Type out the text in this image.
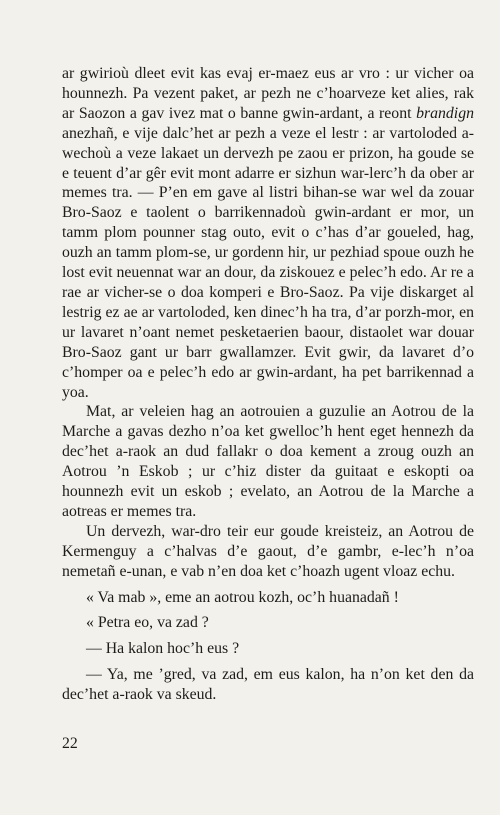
ar gwirioù dleet evit kas evaj er-maez eus ar vro : ur vicher oa hounnezh. Pa vezent paket, ar pezh ne c’hoarveze ket alies, rak ar Saozon a gav ivez mat o banne gwin-ardant, a reont brandign anezhañ, e vije dalc’het ar pezh a veze el lestr : ar vartoloded a-wechoù a veze lakaet un dervezh pe zaou er prizon, ha goude se e teuent d’ar gêr evit mont adarre er sizhun war-lerc’h da ober ar memes tra. — P’en em gave al listri bihan-se war wel da zouar Bro-Saoz e taolent o barrikennadoù gwin-ardant er mor, un tamm plom pounner stag outo, evit o c’has d’ar goueled, hag, ouzh an tamm plom-se, ur gordenn hir, ur pezhiad spoue ouzh he lost evit neuennat war an dour, da ziskouez e pelec’h edo. Ar re a rae ar vicher-se o doa komperi e Bro-Saoz. Pa vije diskarget al lestrig ez ae ar vartoloded, ken dinec’h ha tra, d’ar porzh-mor, en ur lavaret n’oant nemet pesketaerien baour, distaolet war douar Bro-Saoz gant ur barr gwallamzer. Evit gwir, da lavaret d’o c’homper oa e pelec’h edo ar gwin-ardant, ha pet barrikennad a yoa.

Mat, ar veleien hag an aotrouien a guzulie an Aotrou de la Marche a gavas dezho n’oa ket gwelloc’h hent eget hennezh da dec’het a-raok an dud fallakr o doa kement a zroug ouzh an Aotrou ’n Eskob ; ur c’hiz dister da guitaat e eskopti oa hounnezh evit un eskob ; evelato, an Aotrou de la Marche a aotreas er memes tra.

Un dervezh, war-dro teir eur goude kreisteiz, an Aotrou de Kermenguy a c’halvas d’e gaout, d’e gambr, e-lec’h n’oa nemetañ e-unan, e vab n’en doa ket c’hoazh ugent vloaz echu.

« Va mab », eme an aotrou kozh, oc’h huanadañ !

« Petra eo, va zad ?

— Ha kalon hoc’h eus ?

— Ya, me ’gred, va zad, em eus kalon, ha n’on ket den da dec’het a-raok va skeud.

22
